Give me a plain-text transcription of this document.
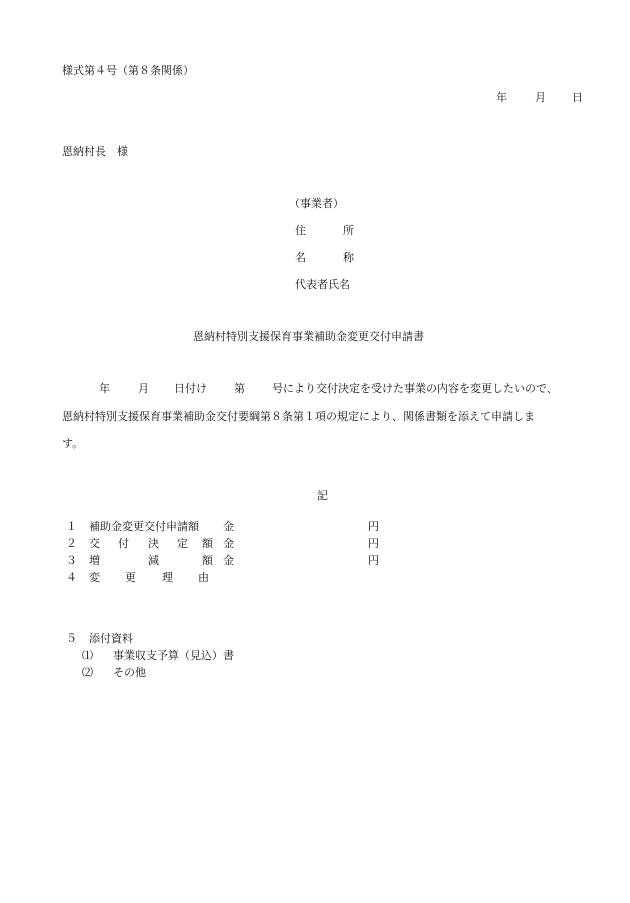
様式第４号（第８条関係）
年	月 日
恩納村長　様
（事業者）
住	所
名	称
代表者氏名
恩納村特別支援保育事業補助金変更交付申請書
年	月 日付け 第 号により交付決定を受けた事業の内容を変更したいので、
恩納村特別支援保育事業補助金交付要綱第８条第１項の規定により、関係書類を添えて申請しま
す。
記
１ 補助金変更交付申請額 金	円
２ 交 付 決 定 額 金	円
３ 増	減	額 金	円
４ 変 更 理 由
５ 添付資料
⑴ 事業収支予算（見込）書
⑵ その他
